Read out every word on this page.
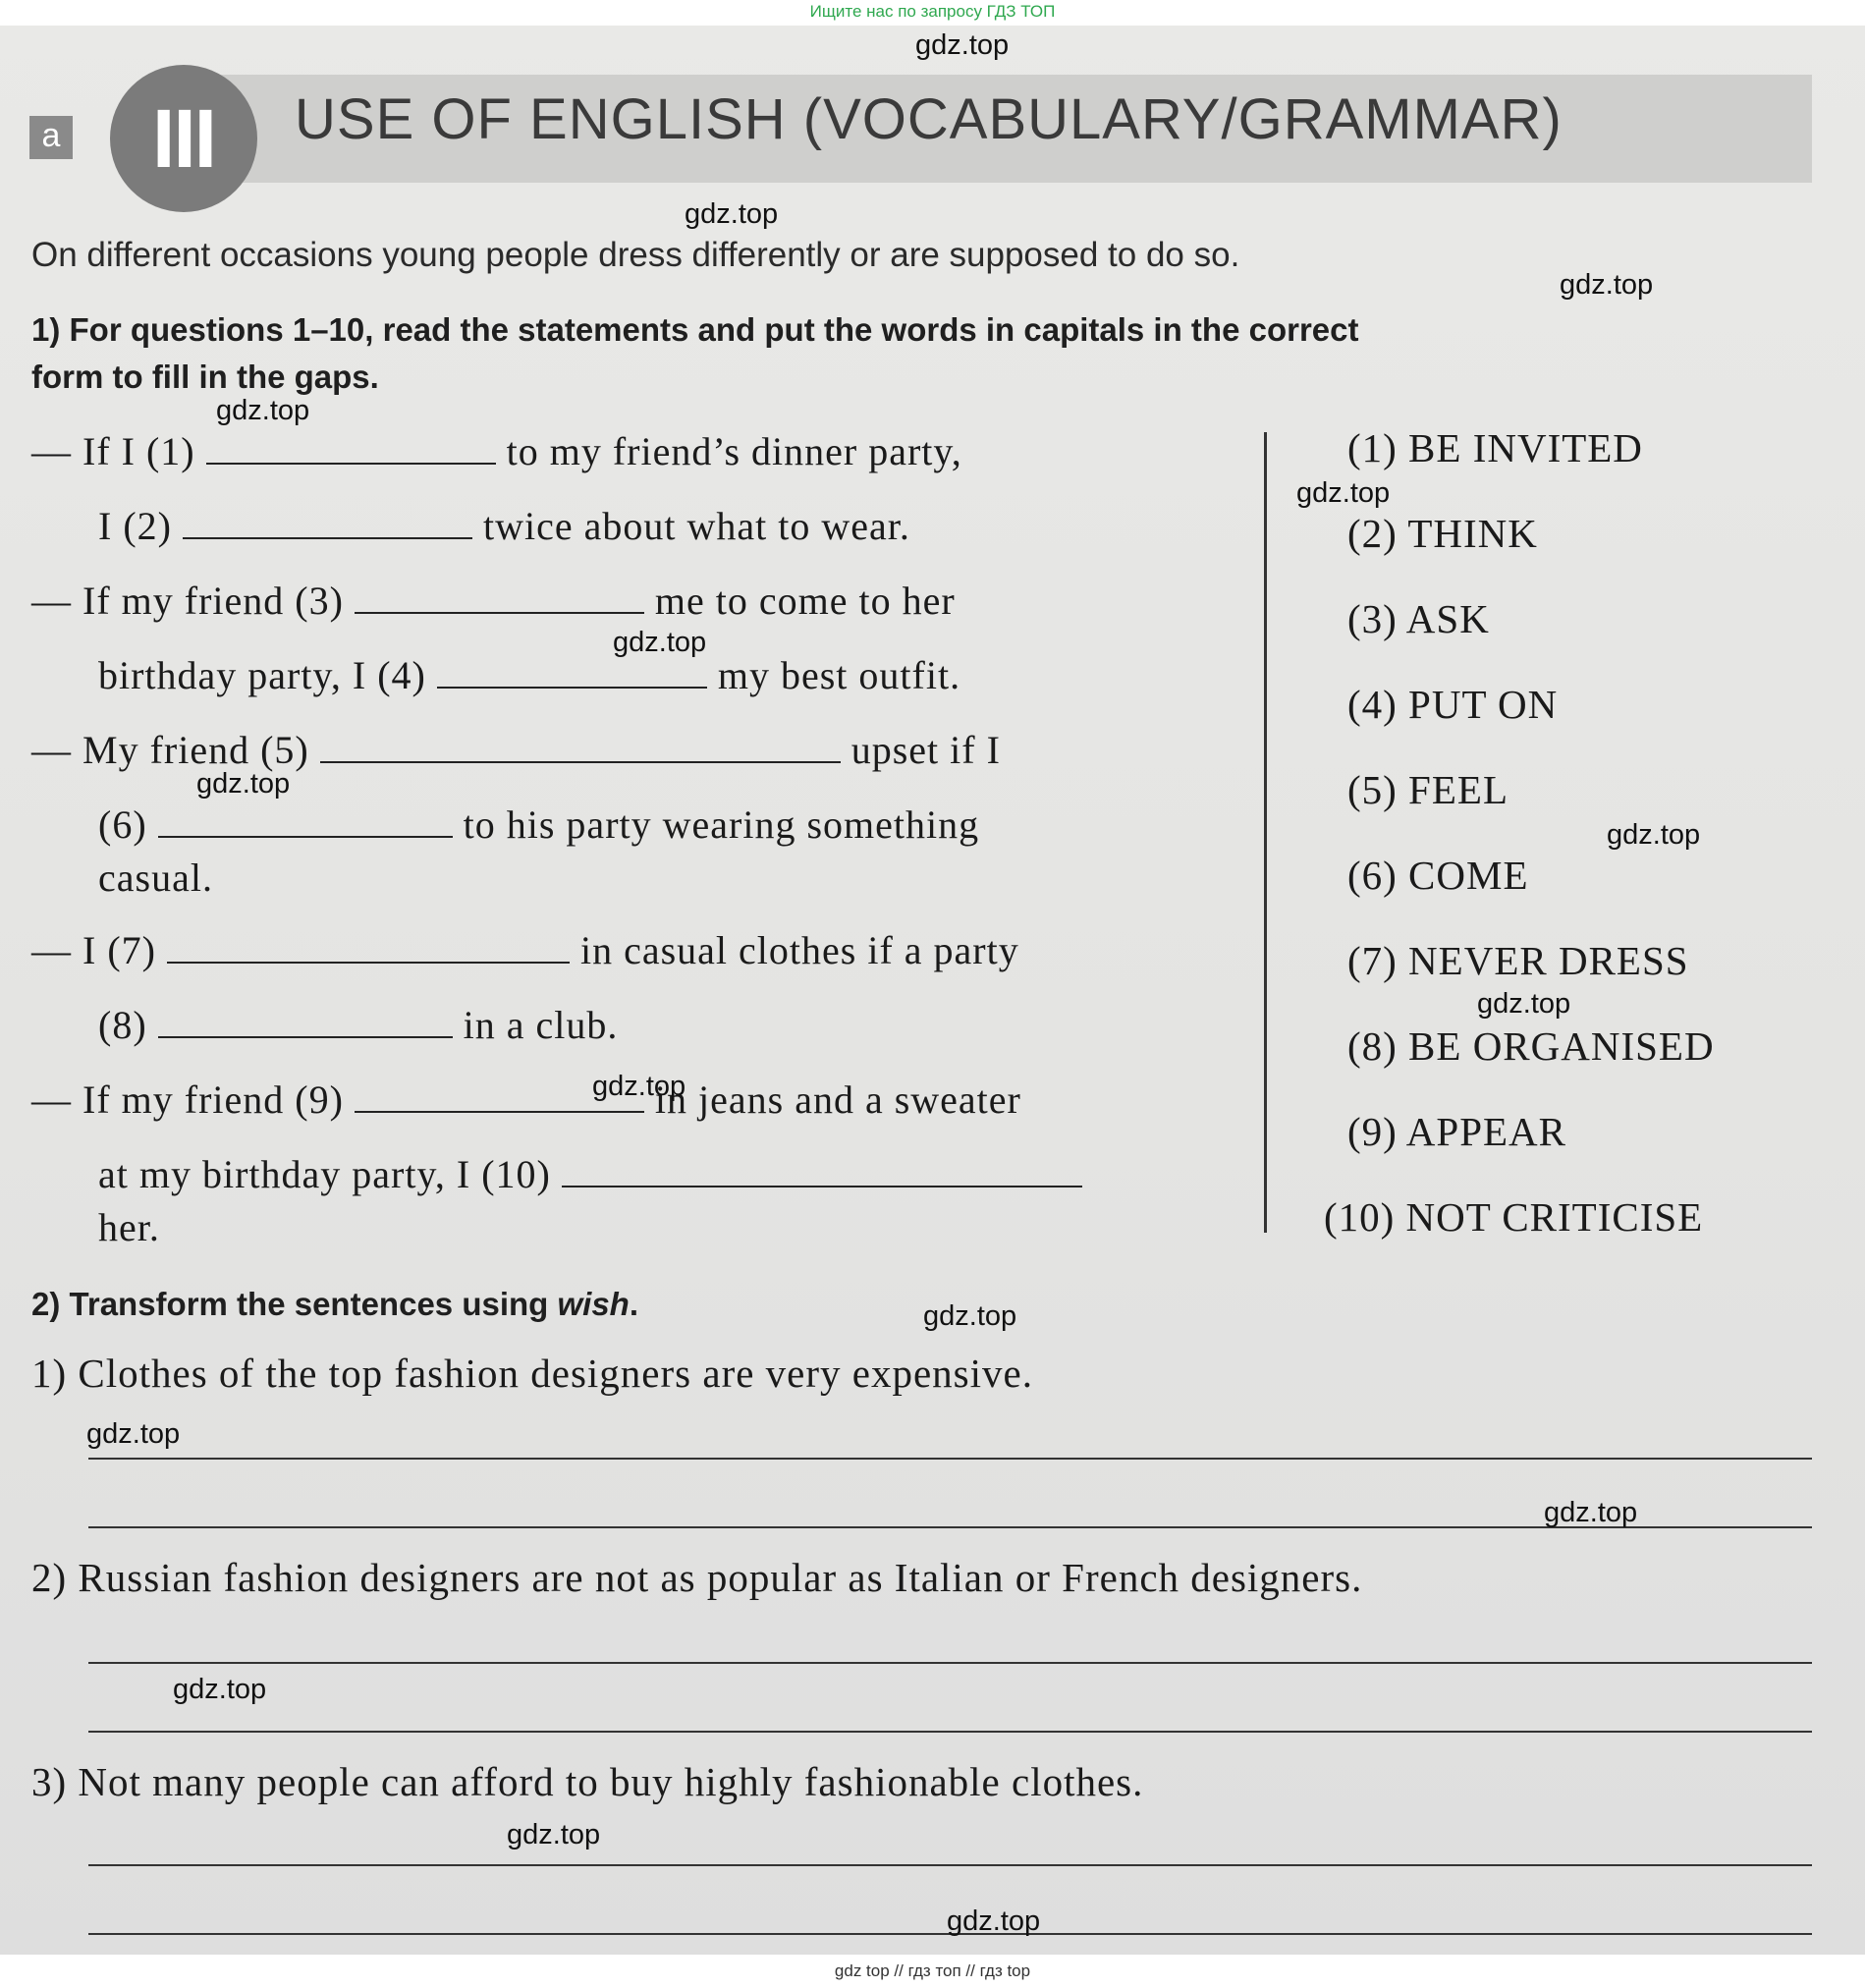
Ищите нас по запросу ГДЗ ТОП
a	III	USE OF ENGLISH (VOCABULARY/GRAMMAR)
On different occasions young people dress differently or are supposed to do so.
1) For questions 1–10, read the statements and put the words in capitals in the correct
form to fill in the gaps.
— If I (1)	to my friend’s dinner party,
I (2)	twice about what to wear.
— If my friend (3)	me to come to her
birthday party, I (4)	my best outfit.
— My friend (5)	upset if I
(6)	to his party wearing something
casual.
— I (7)	in casual clothes if a party
(8)	in a club.
— If my friend (9)	in jeans and a sweater
at my birthday party, I (10)
her.
(1) BE INVITED
(2) THINK
(3) ASK
(4) PUT ON
(5) FEEL
(6) COME
(7) NEVER DRESS
(8) BE ORGANISED
(9) APPEAR
(10) NOT CRITICISE
2) Transform the sentences using wish.
1) Clothes of the top fashion designers are very expensive.
2) Russian fashion designers are not as popular as Italian or French designers.
3) Not many people can afford to buy highly fashionable clothes.
gdz.top
gdz.top
gdz.top
gdz.top
gdz.top
gdz.top
gdz.top
gdz.top
gdz.top
gdz.top
gdz.top
gdz.top
gdz.top
gdz.top
gdz.top
gdz.top
gdz top // гдз топ // гдз top
